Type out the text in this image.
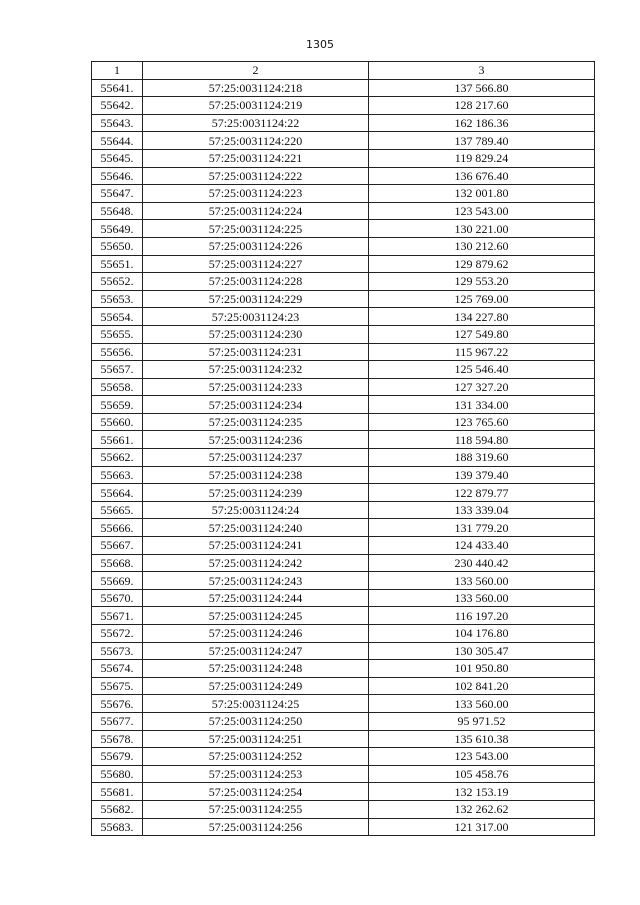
1305
1	2	3
55641.	57:25:0031124:218	137 566.80
55642.	57:25:0031124:219	128 217.60
55643.	57:25:0031124:22	162 186.36
55644.	57:25:0031124:220	137 789.40
55645.	57:25:0031124:221	119 829.24
55646.	57:25:0031124:222	136 676.40
55647.	57:25:0031124:223	132 001.80
55648.	57:25:0031124:224	123 543.00
55649.	57:25:0031124:225	130 221.00
55650.	57:25:0031124:226	130 212.60
55651.	57:25:0031124:227	129 879.62
55652.	57:25:0031124:228	129 553.20
55653.	57:25:0031124:229	125 769.00
55654.	57:25:0031124:23	134 227.80
55655.	57:25:0031124:230	127 549.80
55656.	57:25:0031124:231	115 967.22
55657.	57:25:0031124:232	125 546.40
55658.	57:25:0031124:233	127 327.20
55659.	57:25:0031124:234	131 334.00
55660.	57:25:0031124:235	123 765.60
55661.	57:25:0031124:236	118 594.80
55662.	57:25:0031124:237	188 319.60
55663.	57:25:0031124:238	139 379.40
55664.	57:25:0031124:239	122 879.77
55665.	57:25:0031124:24	133 339.04
55666.	57:25:0031124:240	131 779.20
55667.	57:25:0031124:241	124 433.40
55668.	57:25:0031124:242	230 440.42
55669.	57:25:0031124:243	133 560.00
55670.	57:25:0031124:244	133 560.00
55671.	57:25:0031124:245	116 197.20
55672.	57:25:0031124:246	104 176.80
55673.	57:25:0031124:247	130 305.47
55674.	57:25:0031124:248	101 950.80
55675.	57:25:0031124:249	102 841.20
55676.	57:25:0031124:25	133 560.00
55677.	57:25:0031124:250	95 971.52
55678.	57:25:0031124:251	135 610.38
55679.	57:25:0031124:252	123 543.00
55680.	57:25:0031124:253	105 458.76
55681.	57:25:0031124:254	132 153.19
55682.	57:25:0031124:255	132 262.62
55683.	57:25:0031124:256	121 317.00
